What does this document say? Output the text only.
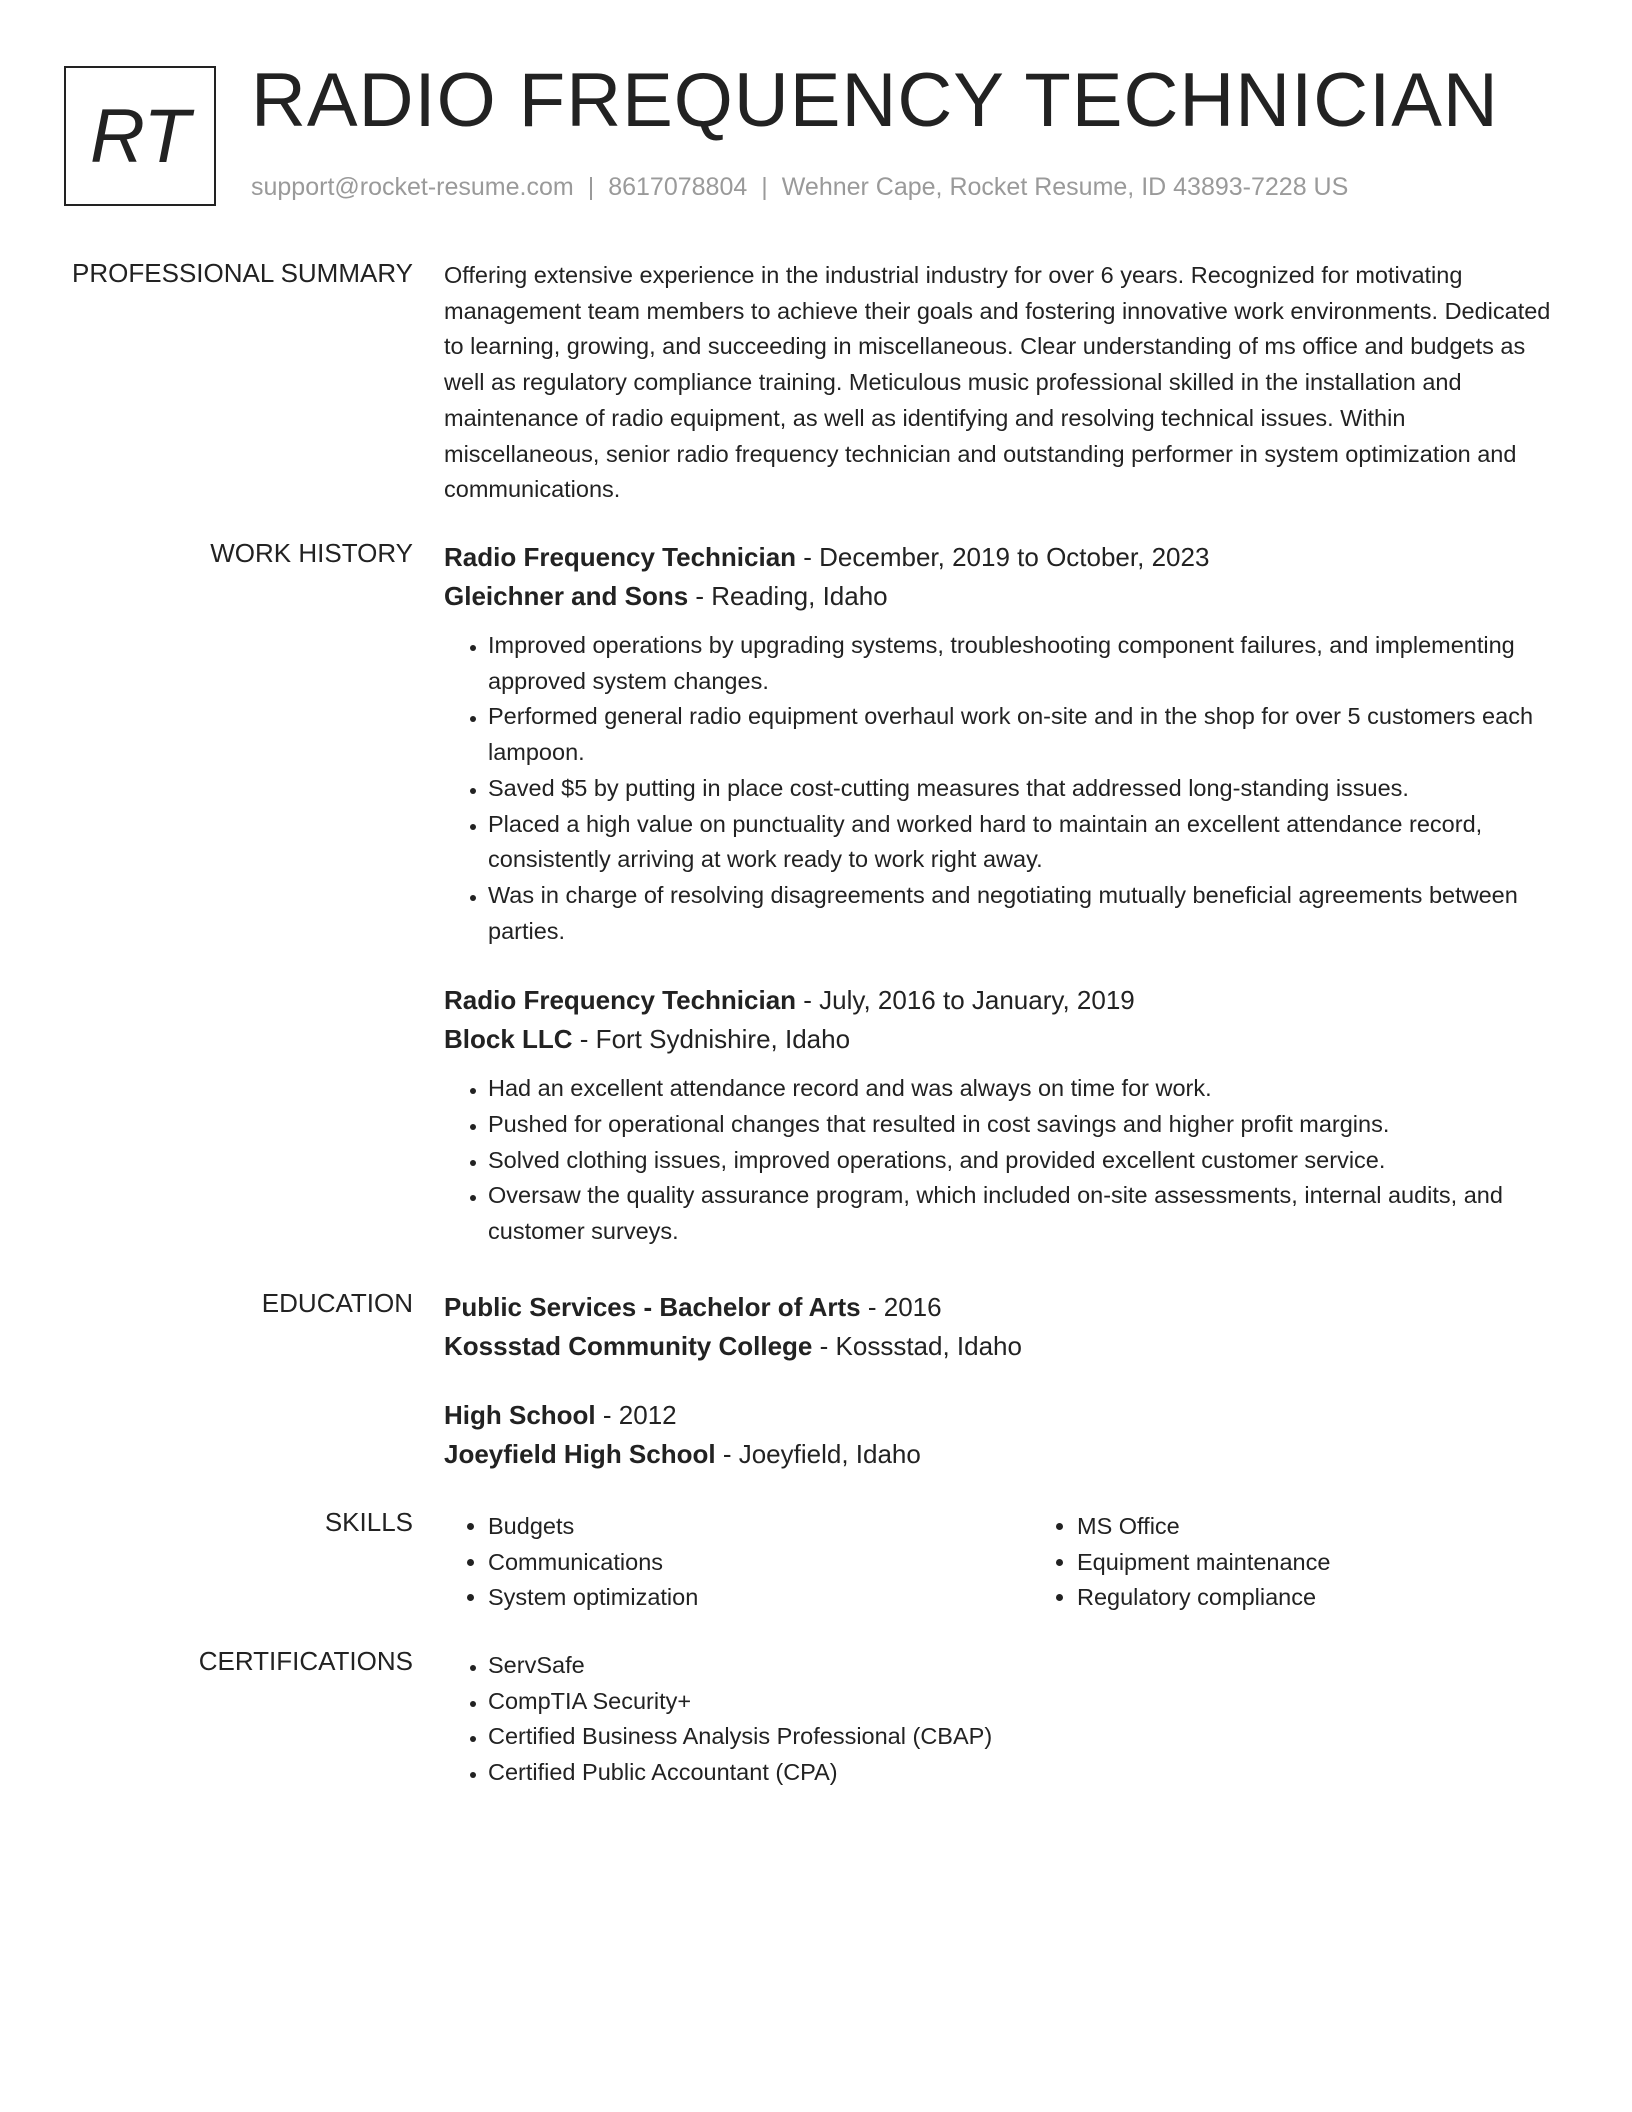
RT RADIO FREQUENCY TECHNICIAN
support@rocket-resume.com | 8617078804 | Wehner Cape, Rocket Resume, ID 43893-7228 US
PROFESSIONAL SUMMARY Offering extensive experience in the industrial industry for over 6 years. Recognized for motivating management team members to achieve their goals and fostering innovative work environments. Dedicated to learning, growing, and succeeding in miscellaneous. Clear understanding of ms office and budgets as well as regulatory compliance training. Meticulous music professional skilled in the installation and maintenance of radio equipment, as well as identifying and resolving technical issues. Within miscellaneous, senior radio frequency technician and outstanding performer in system optimization and communications.

WORK HISTORY Radio Frequency Technician - December, 2019 to October, 2023

Gleichner and Sons - Reading, Idaho

• Improved operations by upgrading systems, troubleshooting component failures, and implementing approved system changes.
• Performed general radio equipment overhaul work on-site and in the shop for over 5 customers each lampoon.
• Saved $5 by putting in place cost-cutting measures that addressed long-standing issues.
• Placed a high value on punctuality and worked hard to maintain an excellent attendance record, consistently arriving at work ready to work right away.
• Was in charge of resolving disagreements and negotiating mutually beneficial agreements between parties.

Radio Frequency Technician - July, 2016 to January, 2019

Block LLC - Fort Sydnishire, Idaho

• Had an excellent attendance record and was always on time for work.
• Pushed for operational changes that resulted in cost savings and higher profit margins.
• Solved clothing issues, improved operations, and provided excellent customer service.
• Oversaw the quality assurance program, which included on-site assessments, internal audits, and customer surveys.
EDUCATION Public Services - Bachelor of Arts - 2016

Kossstad Community College - Kossstad, Idaho

High School - 2012

Joeyfield High School - Joeyfield, Idaho

SKILLS	• Budgets
• Communications
• System optimization
• MS Office
• Equipment maintenance
• Regulatory compliance
CERTIFICATIONS	• ServSafe
• CompTIA Security+
• Certified Business Analysis Professional (CBAP)
• Certified Public Accountant (CPA)
